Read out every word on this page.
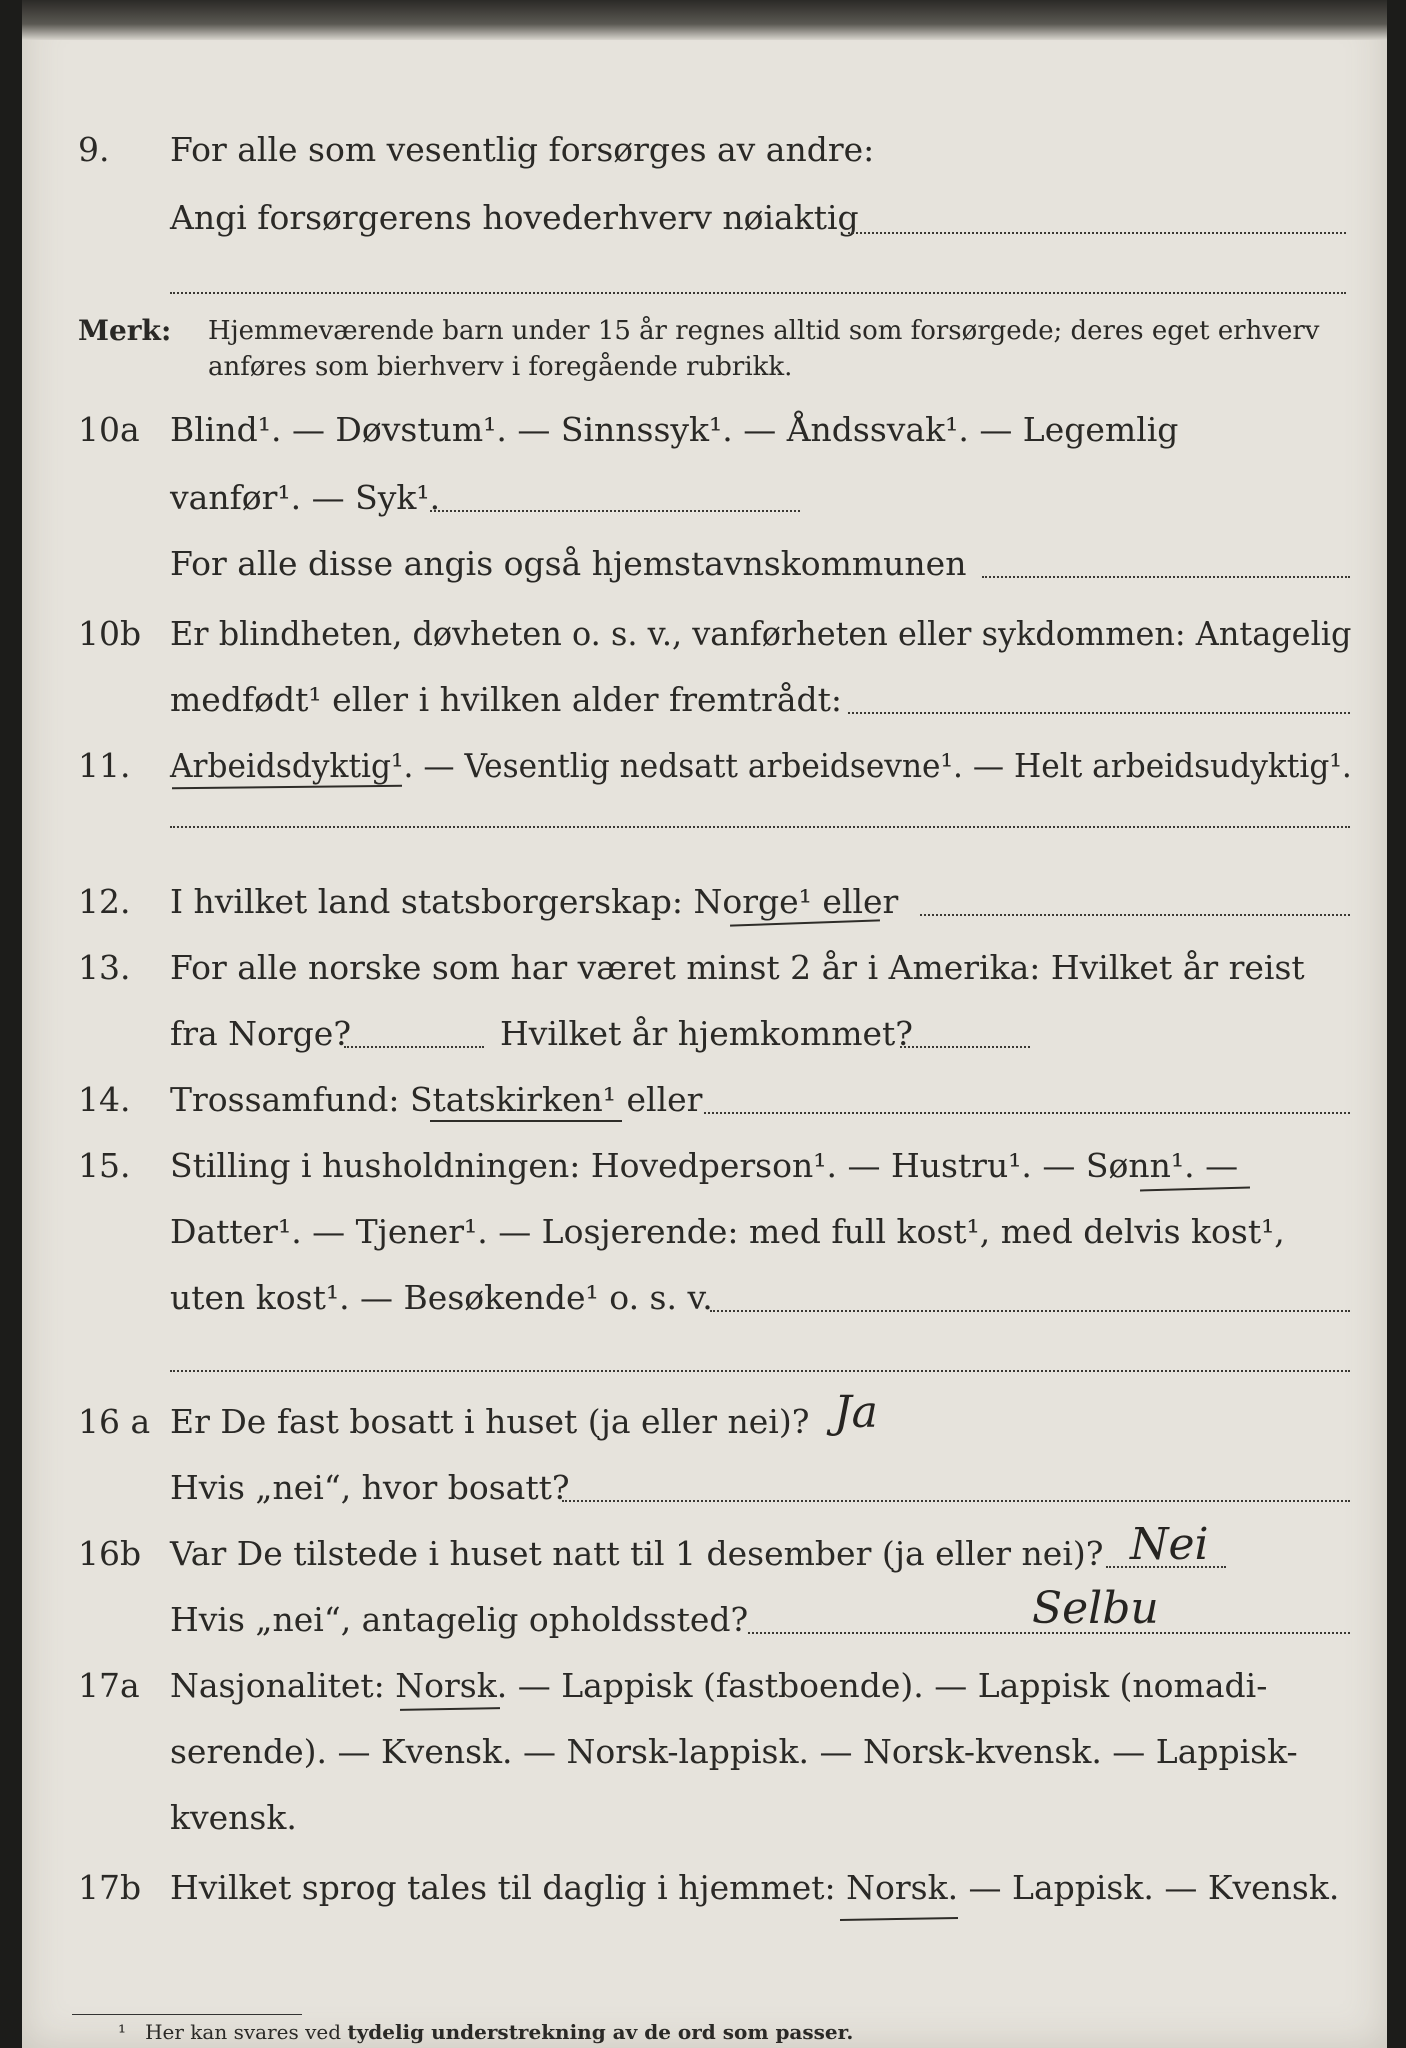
9. For alle som vesentlig forsørges av andre:
Angi forsørgerens hovederhverv nøiaktig
Merk: Hjemmeværende barn under 15 år regnes alltid som forsørgede; deres eget erhverv
anføres som bierhverv i foregående rubrikk.
10a Blind¹. — Døvstum¹. — Sinnssyk¹. — Åndssvak¹. — Legemlig
vanfør¹. — Syk¹.
For alle disse angis også hjemstavnskommunen
10b Er blindheten, døvheten o. s. v., vanførheten eller sykdommen: Antagelig
medfødt¹ eller i hvilken alder fremtrådt:
11. Arbeidsdyktig¹. — Vesentlig nedsatt arbeidsevne¹. — Helt arbeidsudyktig¹.
12. I hvilket land statsborgerskap: Norge¹ eller
13. For alle norske som har været minst 2 år i Amerika: Hvilket år reist
fra Norge?	Hvilket år hjemkommet?
14. Trossamfund: Statskirken¹ eller
15. Stilling i husholdningen: Hovedperson¹. — Hustru¹. — Sønn¹. —
Datter¹. — Tjener¹. — Losjerende: med full kost¹, med delvis kost¹,
uten kost¹. — Besøkende¹ o. s. v.
16 a Er De fast bosatt i huset (ja eller nei)? Ja
Hvis „nei“, hvor bosatt?
16b Var De tilstede i huset natt til 1 desember (ja eller nei)? Nei
Hvis „nei“, antagelig opholdssted?	Selbu
17a Nasjonalitet: Norsk. — Lappisk (fastboende). — Lappisk (nomadi-
serende). — Kvensk. — Norsk-lappisk. — Norsk-kvensk. — Lappisk-
kvensk.
17b Hvilket sprog tales til daglig i hjemmet: Norsk. — Lappisk. — Kvensk.
¹ Her kan svares ved tydelig understrekning av de ord som passer.
